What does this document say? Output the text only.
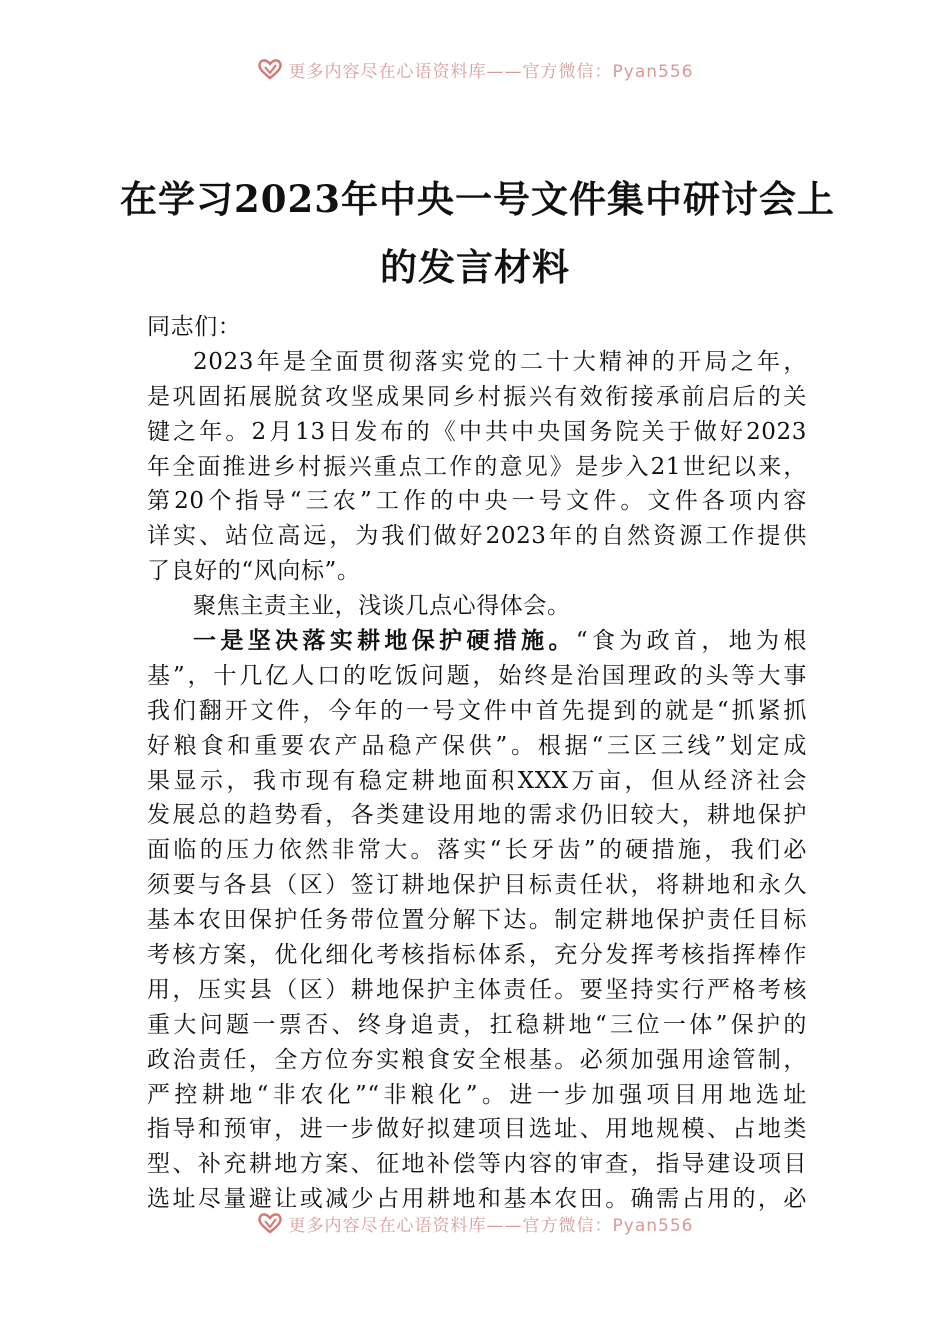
更多内容尽在心语资料库——官方微信：Pyan556
在学习2023年中央一号文件集中研讨会上
的发言材料
同志们：
2023年是全面贯彻落实党的二十大精神的开局之年，
是巩固拓展脱贫攻坚成果同乡村振兴有效衔接承前启后的关
键之年。2月13日发布的《中共中央国务院关于做好2023
年全面推进乡村振兴重点工作的意见》是步入21世纪以来，
第20个指导“三农”工作的中央一号文件。文件各项内容
详实、站位高远，为我们做好2023年的自然资源工作提供
了良好的“风向标”。
聚焦主责主业，浅谈几点心得体会。
一是坚决落实耕地保护硬措施。“食为政首，地为根
基”，十几亿人口的吃饭问题，始终是治国理政的头等大事
我们翻开文件，今年的一号文件中首先提到的就是“抓紧抓
好粮食和重要农产品稳产保供”。根据“三区三线”划定成
果显示，我市现有稳定耕地面积XXX万亩，但从经济社会
发展总的趋势看，各类建设用地的需求仍旧较大，耕地保护
面临的压力依然非常大。落实“长牙齿”的硬措施，我们必
须要与各县（区）签订耕地保护目标责任状，将耕地和永久
基本农田保护任务带位置分解下达。制定耕地保护责任目标
考核方案，优化细化考核指标体系，充分发挥考核指挥棒作
用，压实县（区）耕地保护主体责任。要坚持实行严格考核
重大问题一票否、终身追责，扛稳耕地“三位一体”保护的
政治责任，全方位夯实粮食安全根基。必须加强用途管制，
严控耕地“非农化”“非粮化”。进一步加强项目用地选址
指导和预审，进一步做好拟建项目选址、用地规模、占地类
型、补充耕地方案、征地补偿等内容的审查，指导建设项目
选址尽量避让或减少占用耕地和基本农田。确需占用的，必
更多内容尽在心语资料库——官方微信：Pyan556
